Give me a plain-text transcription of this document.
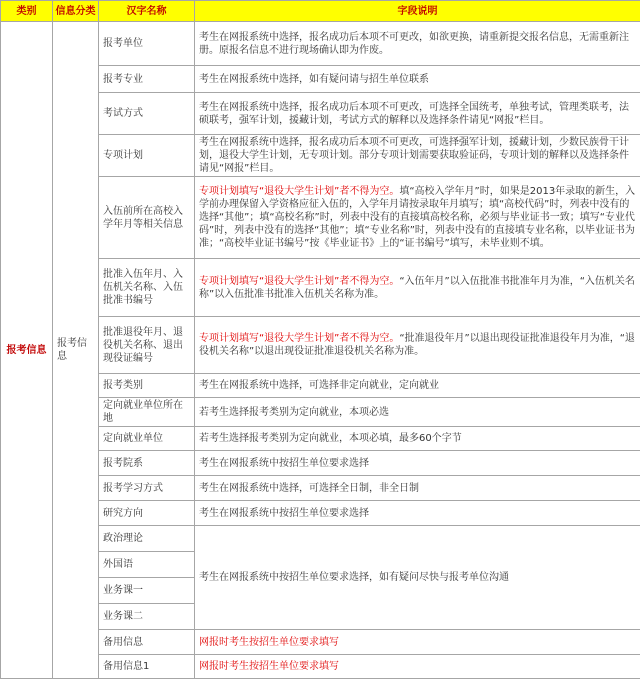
类别	信息分类	汉字名称	字段说明
报考信息	报考信息	报考单位	考生在网报系统中选择，报名成功后本项不可更改，如欲更换，请重新提交报名信息，无需重新注册。原报名信息不进行现场确认即为作废。
		报考专业	考生在网报系统中选择，如有疑问请与招生单位联系
		考试方式	考生在网报系统中选择，报名成功后本项不可更改，可选择全国统考，单独考试，管理类联考，法硕联考，强军计划，援藏计划，考试方式的解释以及选择条件请见“网报”栏目。
		专项计划	考生在网报系统中选择，报名成功后本项不可更改，可选择强军计划，援藏计划，少数民族骨干计划，退役大学生计划，无专项计划。部分专项计划需要获取验证码，专项计划的解释以及选择条件请见“网报”栏目。
		入伍前所在高校入学年月等相关信息	专项计划填写“退役大学生计划”者不得为空。填“高校入学年月”时，如果是2013年录取的新生，入学前办理保留入学资格应征入伍的，入学年月请按录取年月填写；填“高校代码”时，列表中没有的选择“其他”；填“高校名称”时，列表中没有的直接填高校名称，必须与毕业证书一致；填写“专业代码”时，列表中没有的选择“其他”；填“专业名称”时，列表中没有的直接填专业名称，以毕业证书为准；“高校毕业证书编号”按《毕业证书》上的“证书编号”填写，未毕业则不填。
		批准入伍年月、入伍机关名称、入伍批准书编号	专项计划填写“退役大学生计划”者不得为空。“入伍年月”以入伍批准书批准年月为准，“入伍机关名称”以入伍批准书批准入伍机关名称为准。
		批准退役年月、退役机关名称、退出现役证编号	专项计划填写“退役大学生计划”者不得为空。“批准退役年月”以退出现役证批准退役年月为准，“退役机关名称”以退出现役证批准退役机关名称为准。
		报考类别	考生在网报系统中选择，可选择非定向就业，定向就业
		定向就业单位所在地	若考生选择报考类别为定向就业，本项必选
		定向就业单位	若考生选择报考类别为定向就业，本项必填，最多60个字节
		报考院系	考生在网报系统中按招生单位要求选择
		报考学习方式	考生在网报系统中选择，可选择全日制，非全日制
		研究方向	考生在网报系统中按招生单位要求选择
		政治理论	考生在网报系统中按招生单位要求选择，如有疑问尽快与报考单位沟通
		外国语	
		业务课一	
		业务课二	
		备用信息	网报时考生按招生单位要求填写
		备用信息1	网报时考生按招生单位要求填写
